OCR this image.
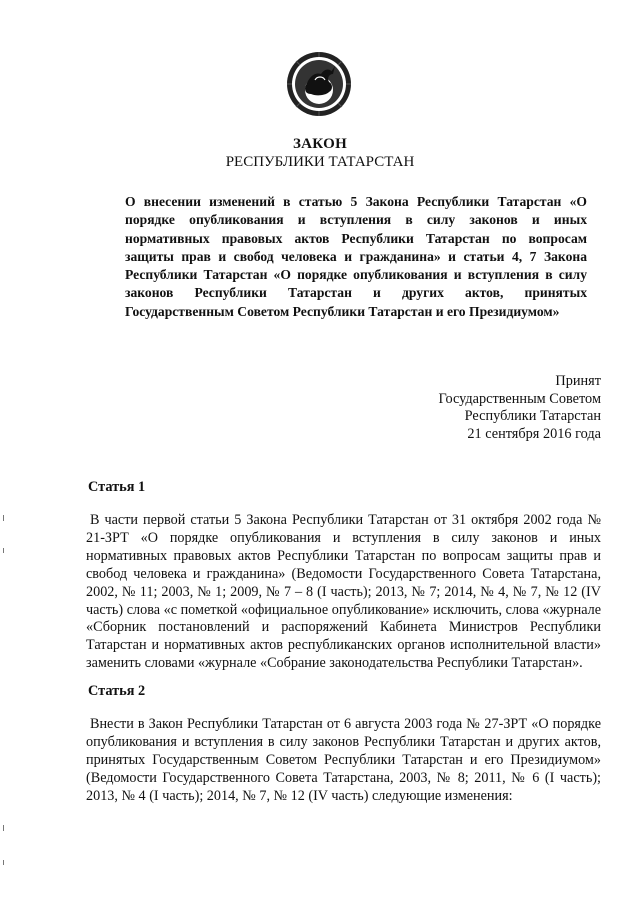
ЗАКОН
РЕСПУБЛИКИ ТАТАРСТАН
О внесении изменений в статью 5 Закона Республики Татарстан «О порядке опубликования и вступления в силу законов и иных нормативных правовых актов Республики Татарстан по вопросам защиты прав и свобод человека и гражданина» и статьи 4, 7 Закона Республики Татарстан «О порядке опубликования и вступления в силу законов Республики Татарстан и других актов, принятых Государственным Советом Республики Татарстан и его Президиумом»
Принят
Государственным Советом
Республики Татарстан
21 сентября 2016 года
Статья 1
В части первой статьи 5 Закона Республики Татарстан от 31 октября 2002 года № 21-ЗРТ «О порядке опубликования и вступления в силу законов и иных нормативных правовых актов Республики Татарстан по вопросам защиты прав и свобод человека и гражданина» (Ведомости Государственного Совета Татарстана, 2002, № 11; 2003, № 1; 2009, № 7 – 8 (I часть); 2013, № 7; 2014, № 4, № 7, № 12 (IV часть) слова «с пометкой «официальное опубликование» исключить, слова «журнале «Сборник постановлений и распоряжений Кабинета Министров Республики Татарстан и нормативных актов республиканских органов исполнительной власти» заменить словами «журнале «Собрание законодательства Республики Татарстан».
Статья 2
Внести в Закон Республики Татарстан от 6 августа 2003 года № 27-ЗРТ «О порядке опубликования и вступления в силу законов Республики Татарстан и других актов, принятых Государственным Советом Республики Татарстан и его Президиумом» (Ведомости Государственного Совета Татарстана, 2003, № 8; 2011, № 6 (I часть); 2013, № 4 (I часть); 2014, № 7, № 12 (IV часть) следующие изменения:
